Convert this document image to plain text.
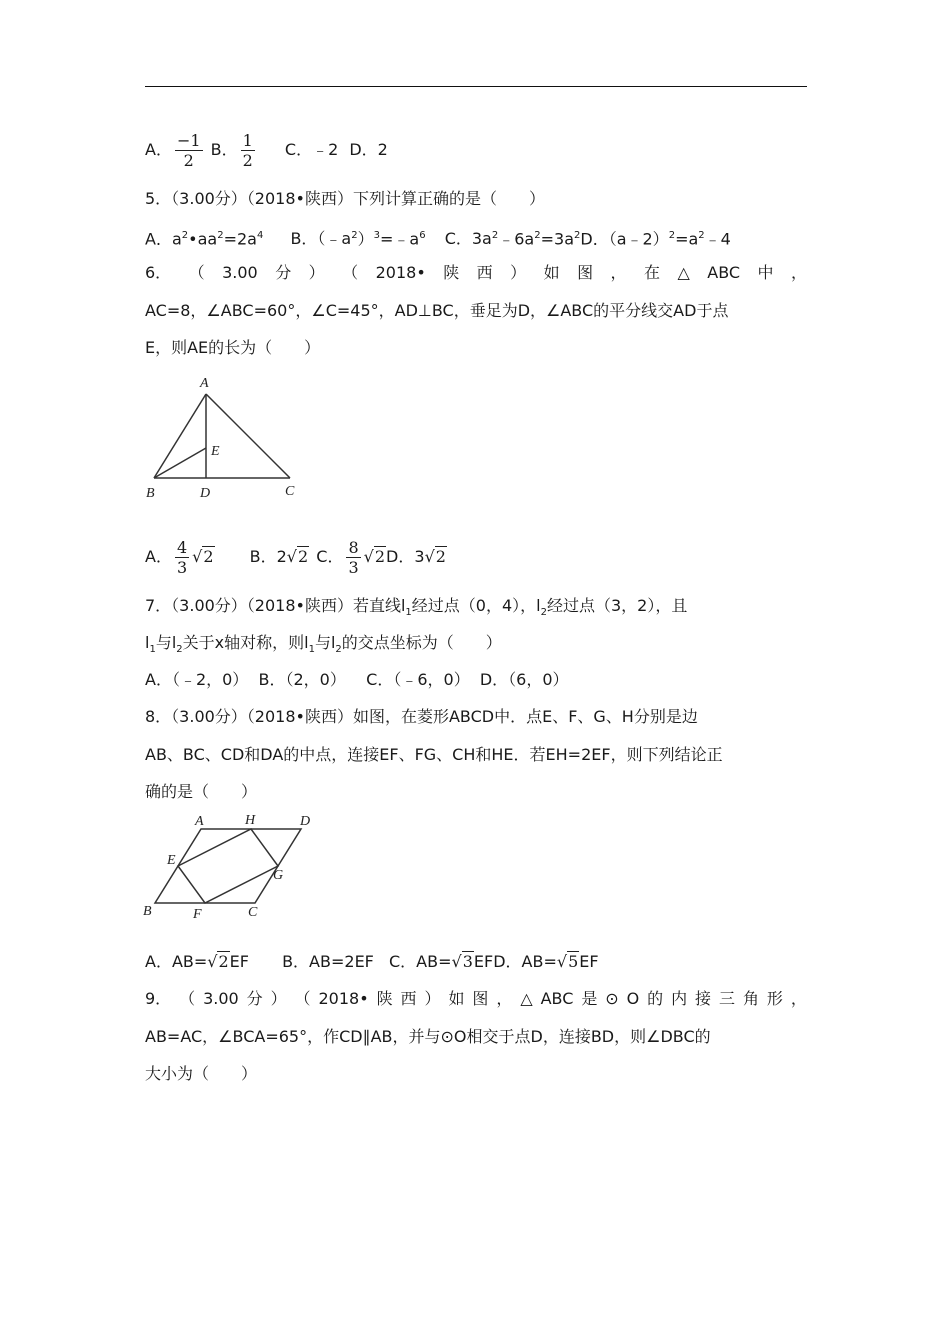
A． $\frac{-1}{2}$ B． $\frac{1}{2}$ C．﹣2 D．2
5．（3.00分）（2018•陕西）下列计算正确的是（　　）
A．$a^2•aa^2=2a^4$ B．$(﹣a^2)^3=﹣a^6$ C．$3a^2﹣6a^2=3a^2D$．$(a﹣2)^2=a^2﹣4$
6． （ 3.00 分 ） （ 2018• 陕 西 ） 如 图 ， 在 △ ABC 中 ，
AC=8，∠ABC=60°，∠C=45°，AD⊥BC，垂足为D，∠ABC的平分线交AD于点
E，则AE的长为（　　）
A
B	D	C
E
A． $\frac{4}{3} √2$ B．2√2 C． $\frac{8}{3} √2D$．3√2
7．（3.00分）（2018•陕西）若直线$l_1$经过点（0，4），$l_2$经过点（3，2），且
$l_1$与$l_2$关于x轴对称，则$l_1$与$l_2$的交点坐标为（　　）
A．（﹣2，0）  B．（2，0）    C．（﹣6，0）  D．（6，0）
8．（3.00分）（2018•陕西）如图，在菱形ABCD中．点E、F、G、H分别是边
AB、BC、CD和DA的中点，连接EF、FG、CH和HE．若EH=2EF，则下列结论正
确的是（　　）
A	H	D
E
G
B	F	C
A．AB=√2EF B．AB=2EF C．AB=√3EFD．AB=√5EF
9． （ 3.00 分 ） （ 2018• 陕 西 ） 如 图 ， △ ABC 是 ⊙ O 的 内 接 三 角 形 ，
AB=AC，∠BCA=65°，作CD∥AB，并与⊙O相交于点D，连接BD，则∠DBC的
大小为（　　）
